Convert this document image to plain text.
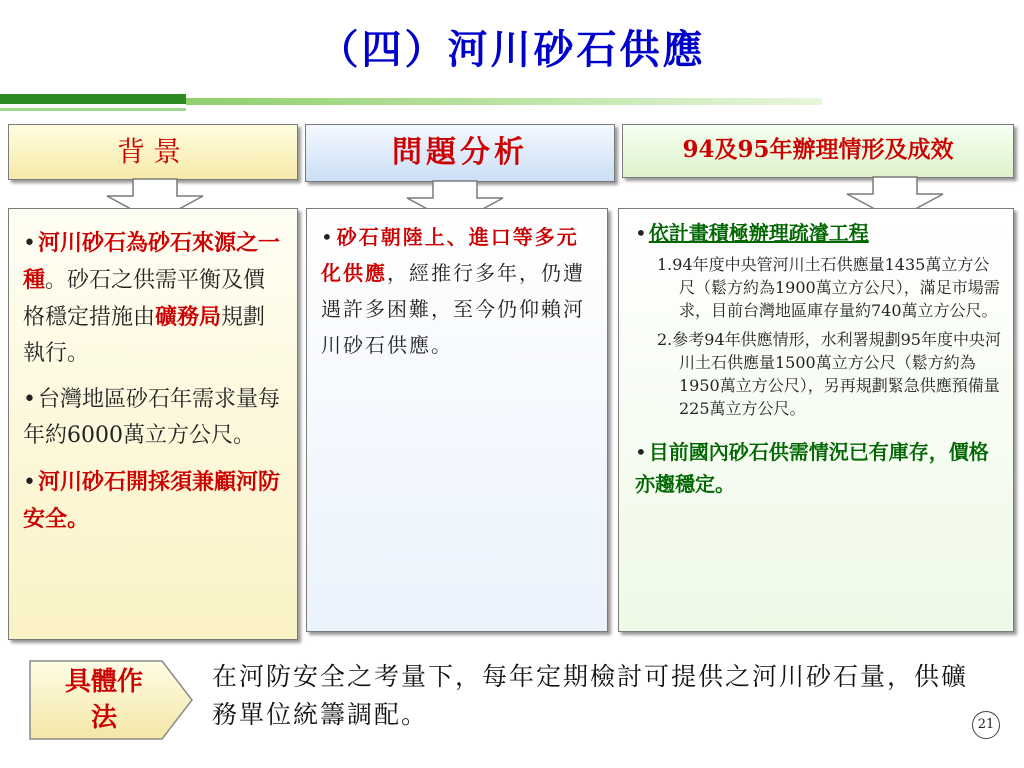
（四）河川砂石供應
背景	問題分析	94及95年辦理情形及成效

•河川砂石為砂石來源之一種。砂石之供需平衡及價格穩定措施由礦務局規劃執行。

•台灣地區砂石年需求量每年約6000萬立方公尺。

•河川砂石開採須兼顧河防安全。

• 砂石朝陸上、進口等多元化供應，經推行多年，仍遭遇許多困難，至今仍仰賴河川砂石供應。

• 依計畫積極辦理疏濬工程
1.94年度中央管河川土石供應量1435萬立方公尺（鬆方約為1900萬立方公尺），滿足市場需求，目前台灣地區庫存量約740萬立方公尺。
2.參考94年供應情形，水利署規劃95年度中央河川土石供應量1500萬立方公尺（鬆方約為1950萬立方公尺），另再規劃緊急供應預備量225萬立方公尺。
• 目前國內砂石供需情況已有庫存，價格亦趨穩定。
具體作法
在河防安全之考量下，每年定期檢討可提供之河川砂石量，供礦務單位統籌調配。	21
